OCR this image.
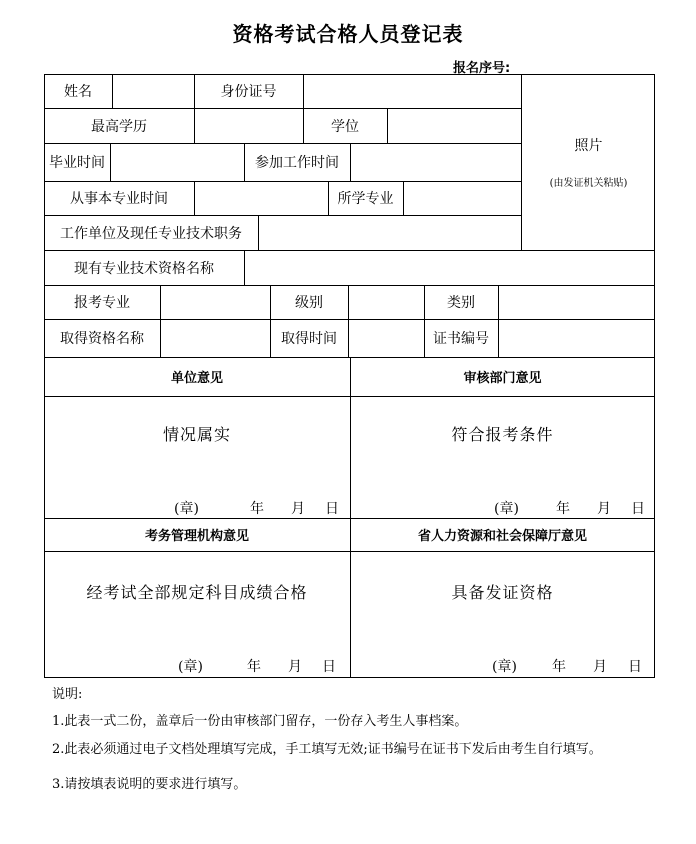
资格考试合格人员登记表
报名序号:
姓名	身份证号
照片
(由发证机关粘贴)
最高学历	学位
毕业时间	参加工作时间
从事本专业时间	所学专业
工作单位及现任专业技术职务
现有专业技术资格名称
报考专业	级别	类别
取得资格名称	取得时间	证书编号
单位意见	审核部门意见
情况属实	符合报考条件
(章)	年 月 日	(章)	年 月 日
考务管理机构意见	省人力资源和社会保障厅意见
经考试全部规定科目成绩合格	具备发证资格
(章)	年 月 日	(章)	年 月 日
说明:
1.此表一式二份，盖章后一份由审核部门留存，一份存入考生人事档案。
2.此表必须通过电子文档处理填写完成，手工填写无效;证书编号在证书下发后由考生自行填写。
3.请按填表说明的要求进行填写。
